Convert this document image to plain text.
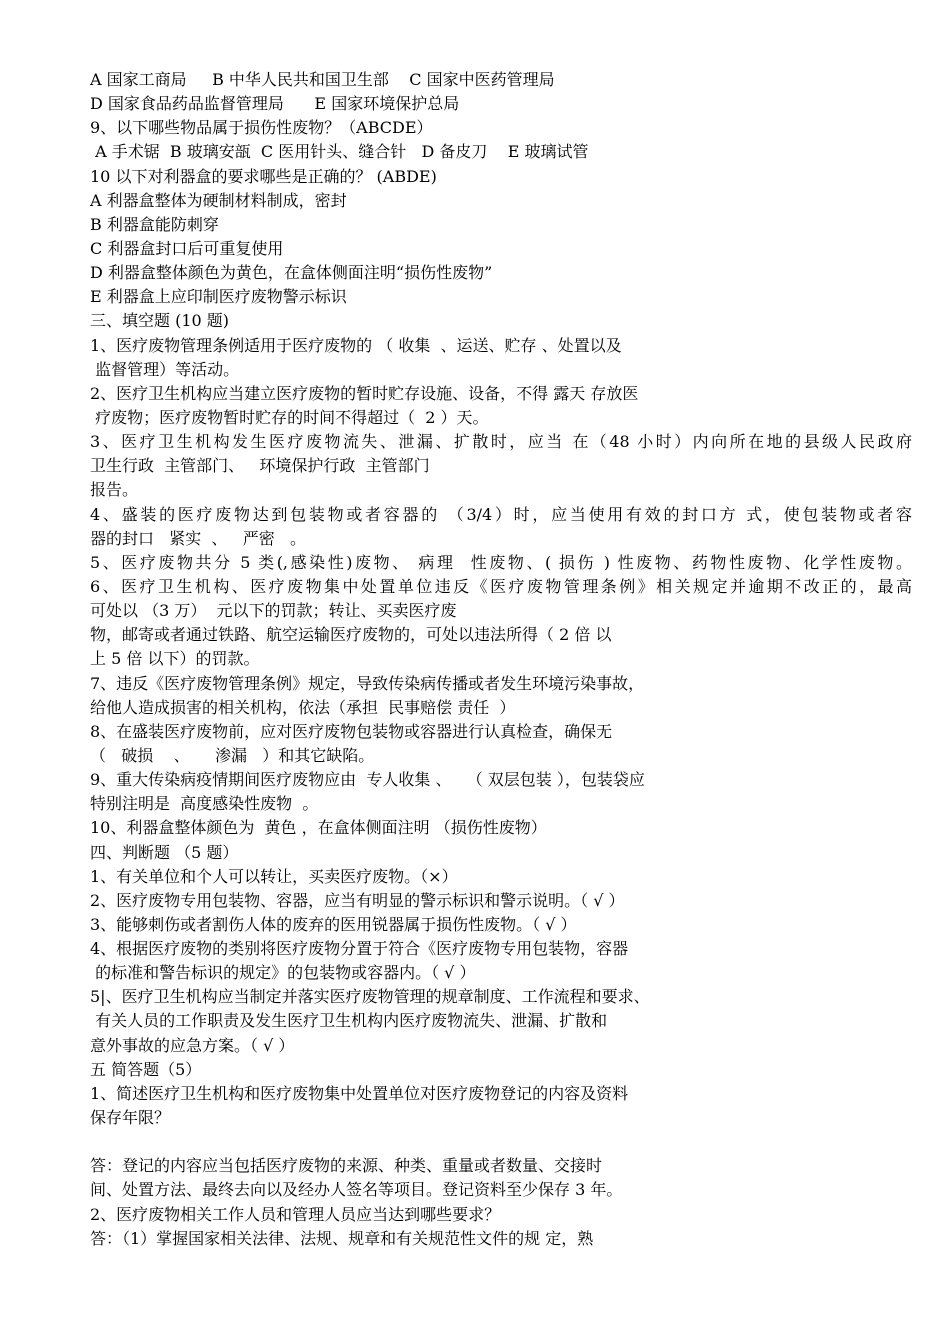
A 国家工商局     B 中华人民共和国卫生部    C 国家中医药管理局
D 国家食品药品监督管理局      E 国家环境保护总局
9、以下哪些物品属于损伤性废物？（ABCDE）
A 手术锯  B 玻璃安瓿  C 医用针头、缝合针   D 备皮刀    E 玻璃试管
10 以下对利器盒的要求哪些是正确的？ (ABDE)
A 利器盒整体为硬制材料制成，密封
B 利器盒能防刺穿
C 利器盒封口后可重复使用
D 利器盒整体颜色为黄色，在盒体侧面注明“损伤性废物”
E 利器盒上应印制医疗废物警示标识
三、填空题 (10 题)
1、医疗废物管理条例适用于医疗废物的 （ 收集  、运送、贮存 、处置以及
监督管理）等活动。
2、医疗卫生机构应当建立医疗废物的暂时贮存设施、设备，不得 露天 存放医
疗废物；医疗废物暂时贮存的时间不得超过（  2 ）天。
3、医疗卫生机构发生医疗废物流失、泄漏、扩散时，应当 在（48 小时）内向所在地的县级人民政府
卫生行政  主管部门、   环境保护行政  主管部门
报告。
4、盛装的医疗废物达到包装物或者容器的 （3/4）时，应当使用有效的封口方 式，使包装物或者容
器的封口   紧实  、   严密   。
5、医疗废物共分 5 类(,感染性)废物、 病理  性废物、( 损伤 ) 性废物、药物性废物、化学性废物。
6、医疗卫生机构、医疗废物集中处置单位违反《医疗废物管理条例》相关规定并逾期不改正的，最高
可处以 （3 万）  元以下的罚款；转让、买卖医疗废
物，邮寄或者通过铁路、航空运输医疗废物的，可处以违法所得（ 2 倍 以
上 5 倍 以下）的罚款。
7、违反《医疗废物管理条例》规定，导致传染病传播或者发生环境污染事故，
给他人造成损害的相关机构，依法（承担  民事赔偿 责任  ）
8、在盛装医疗废物前，应对医疗废物包装物或容器进行认真检查，确保无
（   破损    、     渗漏   ）和其它缺陷。
9、重大传染病疫情期间医疗废物应由  专人收集 、   （ 双层包装 ），包装袋应
特别注明是  高度感染性废物  。
10、利器盒整体颜色为  黄色 ，在盒体侧面注明 （损伤性废物）
四、判断题 （5 题）
1、有关单位和个人可以转让，买卖医疗废物。（×）
2、医疗废物专用包装物、容器，应当有明显的警示标识和警示说明。（ √ ）
3、能够刺伤或者割伤人体的废弃的医用锐器属于损伤性废物。（ √ ）
4、根据医疗废物的类别将医疗废物分置于符合《医疗废物专用包装物，容器
的标准和警告标识的规定》的包装物或容器内。（ √ ）
5|、医疗卫生机构应当制定并落实医疗废物管理的规章制度、工作流程和要求、
有关人员的工作职责及发生医疗卫生机构内医疗废物流失、泄漏、扩散和
意外事故的应急方案。（ √ ）
五 简答题（5）
1、简述医疗卫生机构和医疗废物集中处置单位对医疗废物登记的内容及资料
保存年限？
答：登记的内容应当包括医疗废物的来源、种类、重量或者数量、交接时
间、处置方法、最终去向以及经办人签名等项目。登记资料至少保存 3 年。
2、医疗废物相关工作人员和管理人员应当达到哪些要求？
答：（1）掌握国家相关法律、法规、规章和有关规范性文件的规 定，熟
